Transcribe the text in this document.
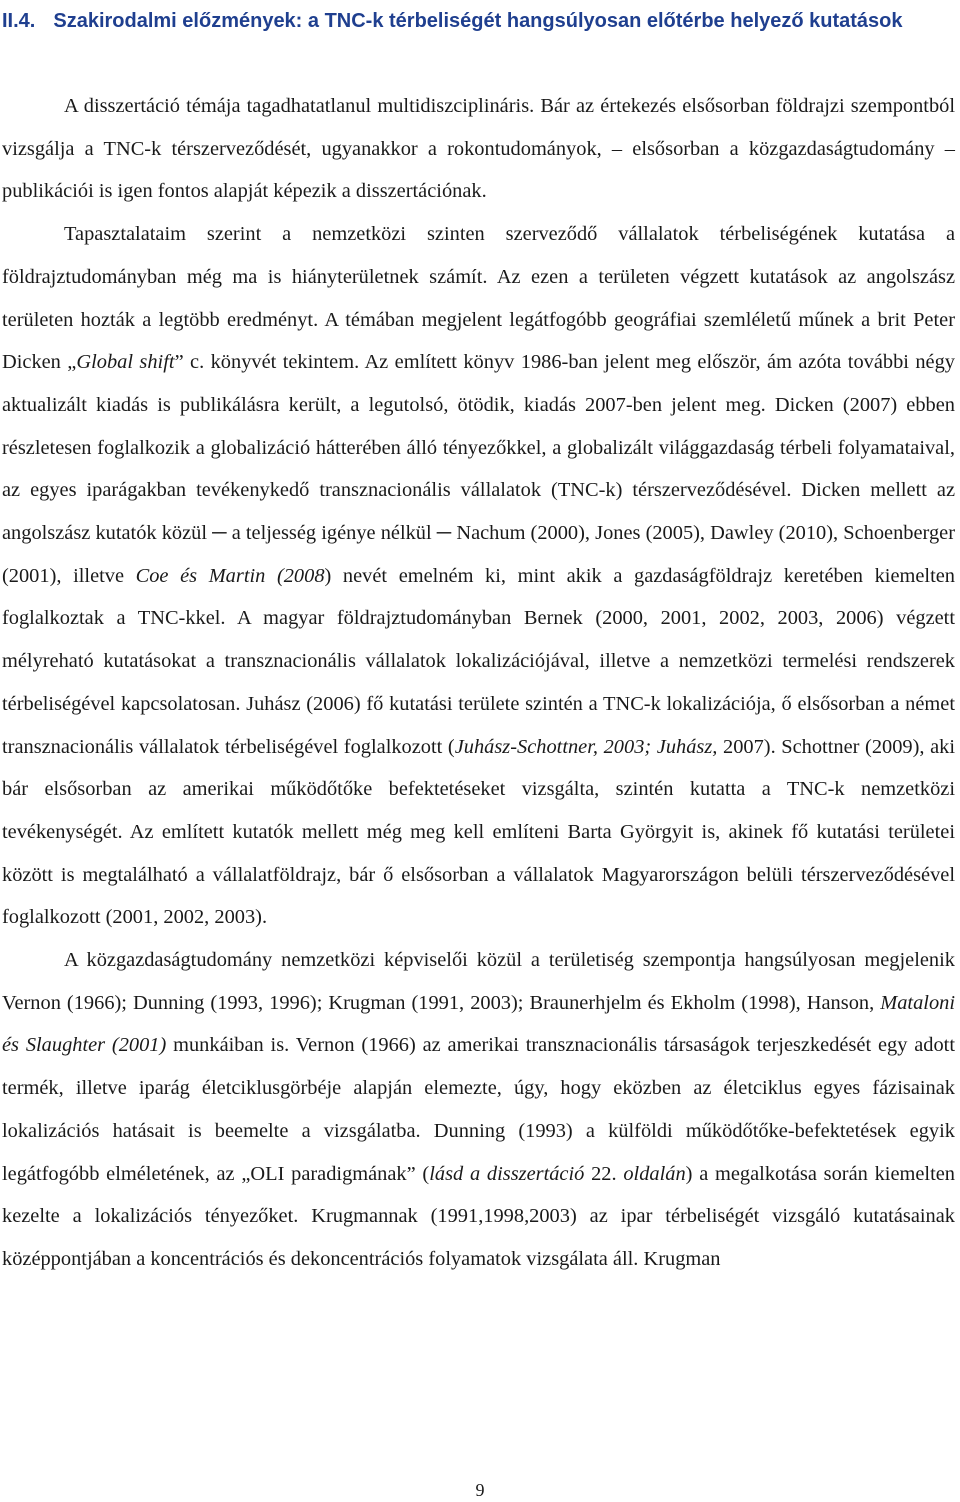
II.4. Szakirodalmi előzmények: a TNC-k térbeliségét hangsúlyosan előtérbe helyező kutatások

A disszertáció témája tagadhatatlanul multidiszciplináris. Bár az értekezés elsősorban földrajzi szempontból vizsgálja a TNC-k térszerveződését, ugyanakkor a rokontudományok, – elsősorban a közgazdaságtudomány – publikációi is igen fontos alapját képezik a disszertációnak.

Tapasztalataim szerint a nemzetközi szinten szerveződő vállalatok térbeliségének kutatása a földrajztudományban még ma is hiányterületnek számít. Az ezen a területen végzett kutatások az angolszász területen hozták a legtöbb eredményt. A témában megjelent legátfogóbb geográfiai szemléletű műnek a brit Peter Dicken „Global shift” c. könyvét tekintem. Az említett könyv 1986-ban jelent meg először, ám azóta további négy aktualizált kiadás is publikálásra került, a legutolsó, ötödik, kiadás 2007-ben jelent meg. Dicken (2007) ebben részletesen foglalkozik a globalizáció hátterében álló tényezőkkel, a globalizált világgazdaság térbeli folyamataival, az egyes iparágakban tevékenykedő transznacionális vállalatok (TNC-k) térszerveződésével. Dicken mellett az angolszász kutatók közül ─ a teljesség igénye nélkül ─ Nachum (2000), Jones (2005), Dawley (2010), Schoenberger (2001), illetve Coe és Martin (2008) nevét emelném ki, mint akik a gazdaságföldrajz keretében kiemelten foglalkoztak a TNC-kkel. A magyar földrajztudományban Bernek (2000, 2001, 2002, 2003, 2006) végzett mélyreható kutatásokat a transznacionális vállalatok lokalizációjával, illetve a nemzetközi termelési rendszerek térbeliségével kapcsolatosan. Juhász (2006) fő kutatási területe szintén a TNC-k lokalizációja, ő elsősorban a német transznacionális vállalatok térbeliségével foglalkozott (Juhász-Schottner, 2003; Juhász, 2007). Schottner (2009), aki bár elsősorban az amerikai működőtőke befektetéseket vizsgálta, szintén kutatta a TNC-k nemzetközi tevékenységét. Az említett kutatók mellett még meg kell említeni Barta Györgyit is, akinek fő kutatási területei között is megtalálható a vállalatföldrajz, bár ő elsősorban a vállalatok Magyarországon belüli térszerveződésével foglalkozott (2001, 2002, 2003).

A közgazdaságtudomány nemzetközi képviselői közül a területiség szempontja hangsúlyosan megjelenik Vernon (1966); Dunning (1993, 1996); Krugman (1991, 2003); Braunerhjelm és Ekholm (1998), Hanson, Mataloni és Slaughter (2001) munkáiban is. Vernon (1966) az amerikai transznacionális társaságok terjeszkedését egy adott termék, illetve iparág életciklusgörbéje alapján elemezte, úgy, hogy eközben az életciklus egyes fázisainak lokalizációs hatásait is beemelte a vizsgálatba. Dunning (1993) a külföldi működőtőke-befektetések egyik legátfogóbb elméletének, az „OLI paradigmának” (lásd a disszertáció 22. oldalán) a megalkotása során kiemelten kezelte a lokalizációs tényezőket. Krugmannak (1991,1998,2003) az ipar térbeliségét vizsgáló kutatásainak középpontjában a koncentrációs és dekoncentrációs folyamatok vizsgálata áll. Krugman

9
